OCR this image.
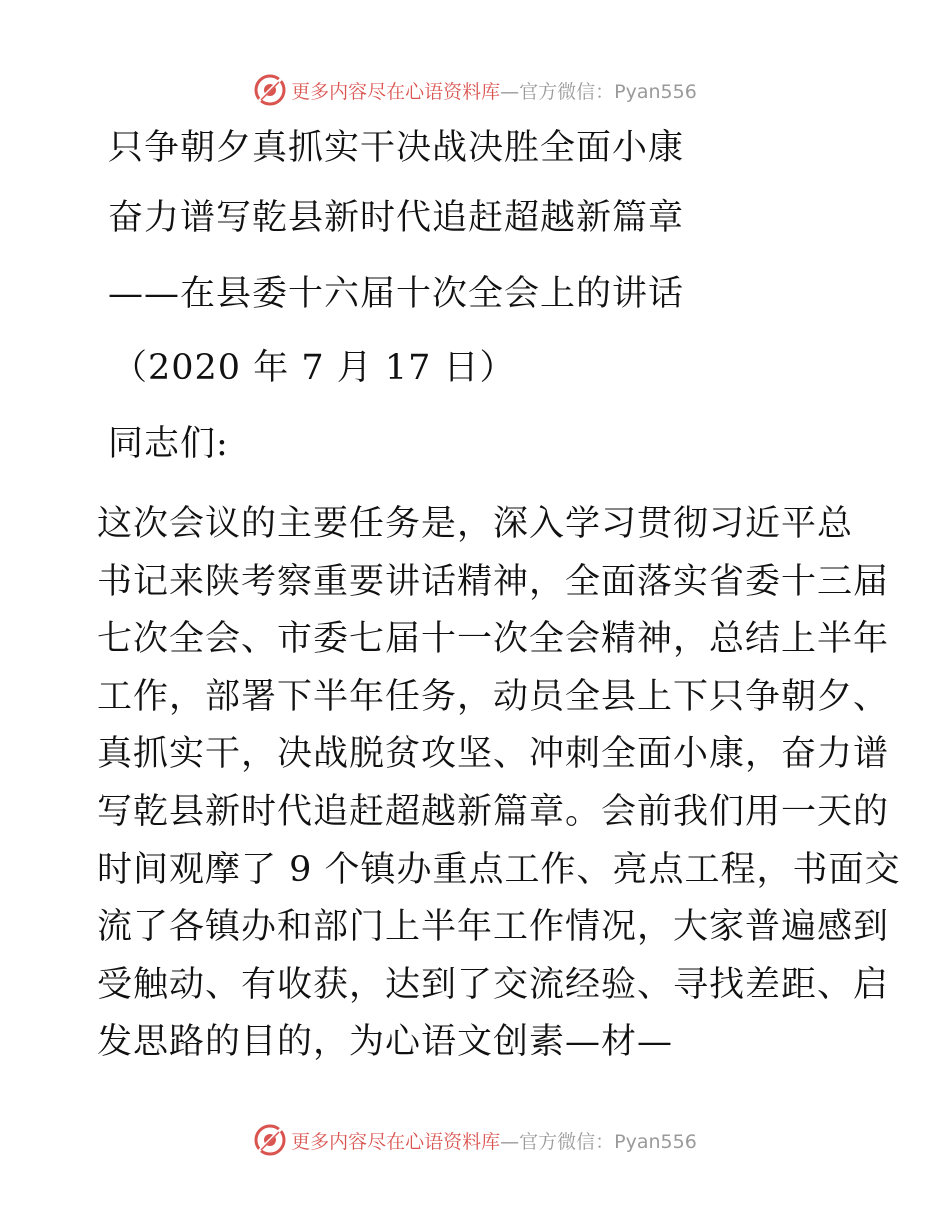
更多内容尽在心语资料库 —官方微信：Pyan556
只争朝夕真抓实干决战决胜全面小康
奋力谱写乾县新时代追赶超越新篇章
——在县委十六届十次全会上的讲话
（2020 年 7 月 17 日）
同志们:
这次会议的主要任务是，深入学习贯彻习近平总
书记来陕考察重要讲话精神，全面落实省委十三届
七次全会、市委七届十一次全会精神，总结上半年
工作，部署下半年任务，动员全县上下只争朝夕、
真抓实干，决战脱贫攻坚、冲刺全面小康，奋力谱
写乾县新时代追赶超越新篇章。会前我们用一天的
时间观摩了 9 个镇办重点工作、亮点工程，书面交
流了各镇办和部门上半年工作情况，大家普遍感到
受触动、有收获，达到了交流经验、寻找差距、启
发思路的目的，为心语文创素—材—
更多内容尽在心语资料库 —官方微信：Pyan556
